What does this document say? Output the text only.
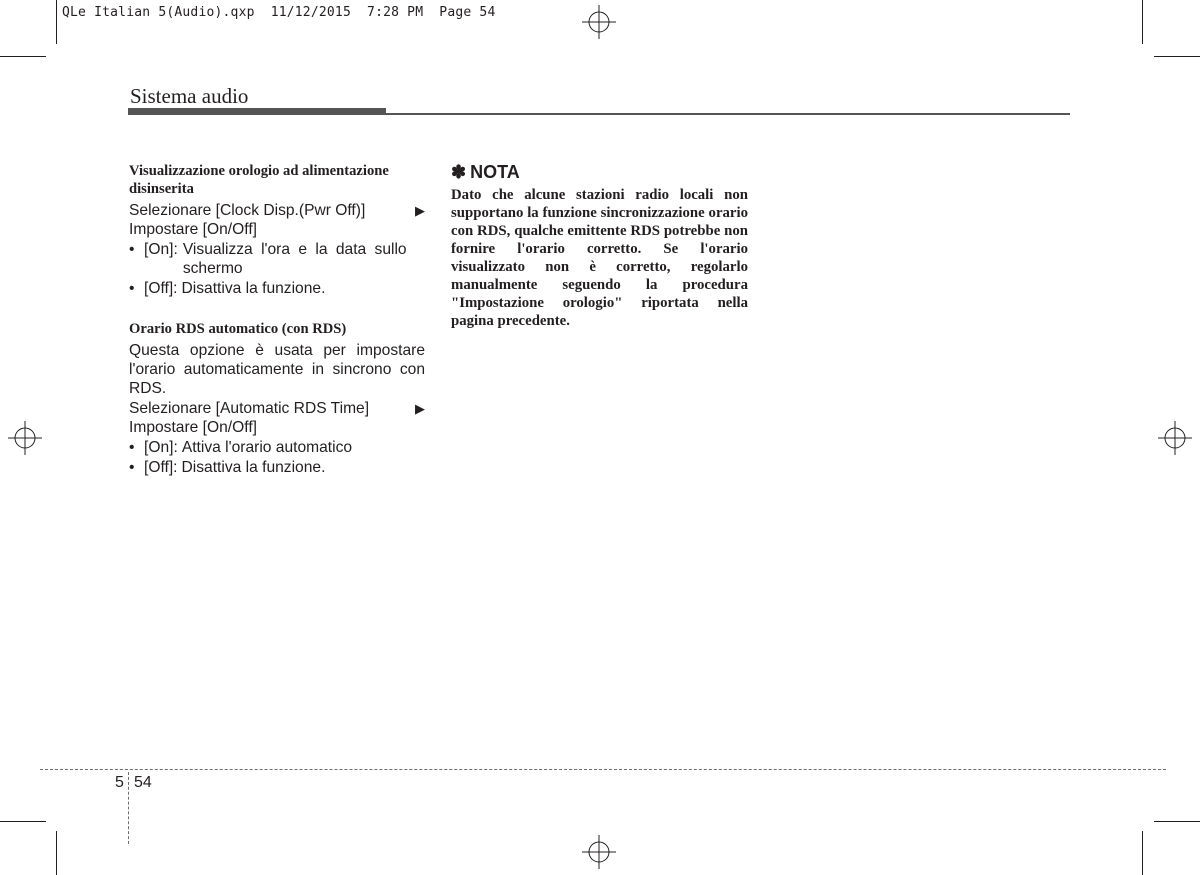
QLe Italian 5(Audio).qxp 11/12/2015 7:28 PM Page 54
Sistema audio

Visualizzazione orologio ad alimentazione disinserita

Selezionare [Clock Disp.(Pwr Off)]	▶
Impostare [On/Off]
• [On]: Visualizza l'ora e la data sullo schermo
• [Off]: Disattiva la funzione.

Orario RDS automatico (con RDS)

Questa opzione è usata per impostare l'orario automaticamente in sincrono con RDS.

Selezionare [Automatic RDS Time]	▶
Impostare [On/Off]
• [On]: Attiva l'orario automatico
• [Off]: Disattiva la funzione.
✽ NOTA

Dato che alcune stazioni radio locali non supportano la funzione sincronizzazione orario con RDS, qualche emittente RDS potrebbe non fornire l'orario corretto. Se l'orario visualizzato non è corretto, regolarlo manualmente seguendo la procedura "Impostazione orologio" riportata nella pagina precedente.

5 54
